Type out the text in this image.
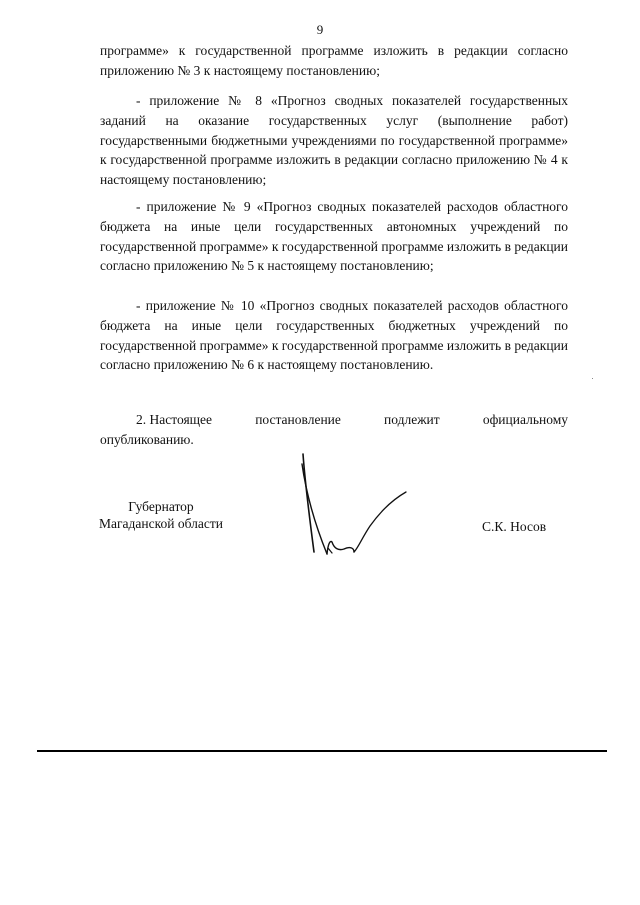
9
программе» к государственной программе изложить в редакции согласно приложению № 3 к настоящему постановлению;
- приложение № 8 «Прогноз сводных показателей государственных заданий на оказание государственных услуг (выполнение работ) государственными бюджетными учреждениями по государственной программе» к государственной программе изложить в редакции согласно приложению № 4 к настоящему постановлению;
- приложение № 9 «Прогноз сводных показателей расходов областного бюджета на иные цели государственных автономных учреждений по государственной программе» к государственной программе изложить в редакции согласно приложению № 5 к настоящему постановлению;
- приложение № 10 «Прогноз сводных показателей расходов областного бюджета на иные цели государственных бюджетных учреждений по государственной программе» к государственной программе изложить в редакции согласно приложению № 6 к настоящему постановлению.
2. Настоящее	постановление	подлежит	официальному
опубликованию.
Губернатор
Магаданской области	С.К. Носов
